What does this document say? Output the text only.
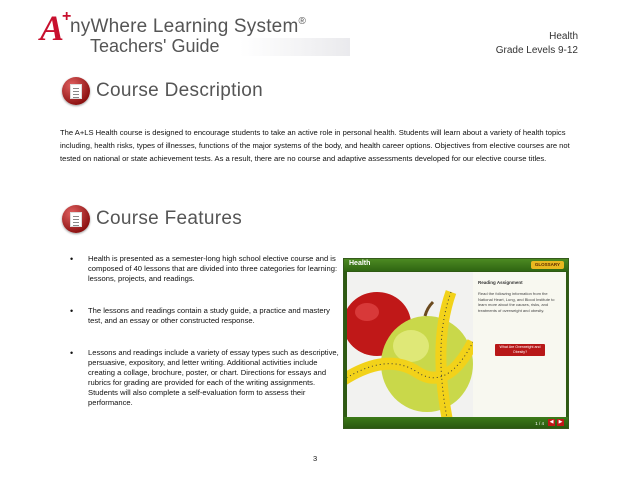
A
+
nyWhere Learning System®
Teachers' Guide	Health
Grade Levels 9-12
Course Description

The A+LS Health course is designed to encourage students to take an active role in personal health. Students will learn about a variety of health topics including, health risks, types of illnesses, functions of the major systems of the body, and health career options. Objectives from elective courses are not tested on national or state achievement tests. As a result, there are no course and adaptive assessments developed for our elective course titles.

Course Features
• Health is presented as a semester-long high school elective course and is composed of 40 lessons that are divided into three categories for learning: lessons, projects, and readings.
• The lessons and readings contain a study guide, a practice and mastery test, and an essay or other constructed response.
• Lessons and readings include a variety of essay types such as descriptive, persuasive, expository, and letter writing. Additional activities include creating a collage, brochure, poster, or chart. Directions for essays and rubrics for grading are provided for each of the writing assignments. Students will also complete a self-evaluation form to assess their performance.
Health	GLOSSARY
Reading Assignment
Read the following information from the National Heart, Lung, and Blood Institute to learn more about the causes, risks, and treatments of overweight and obesity.
What Are Overweight and Obesity?
1 / 4	◀	▶
3
